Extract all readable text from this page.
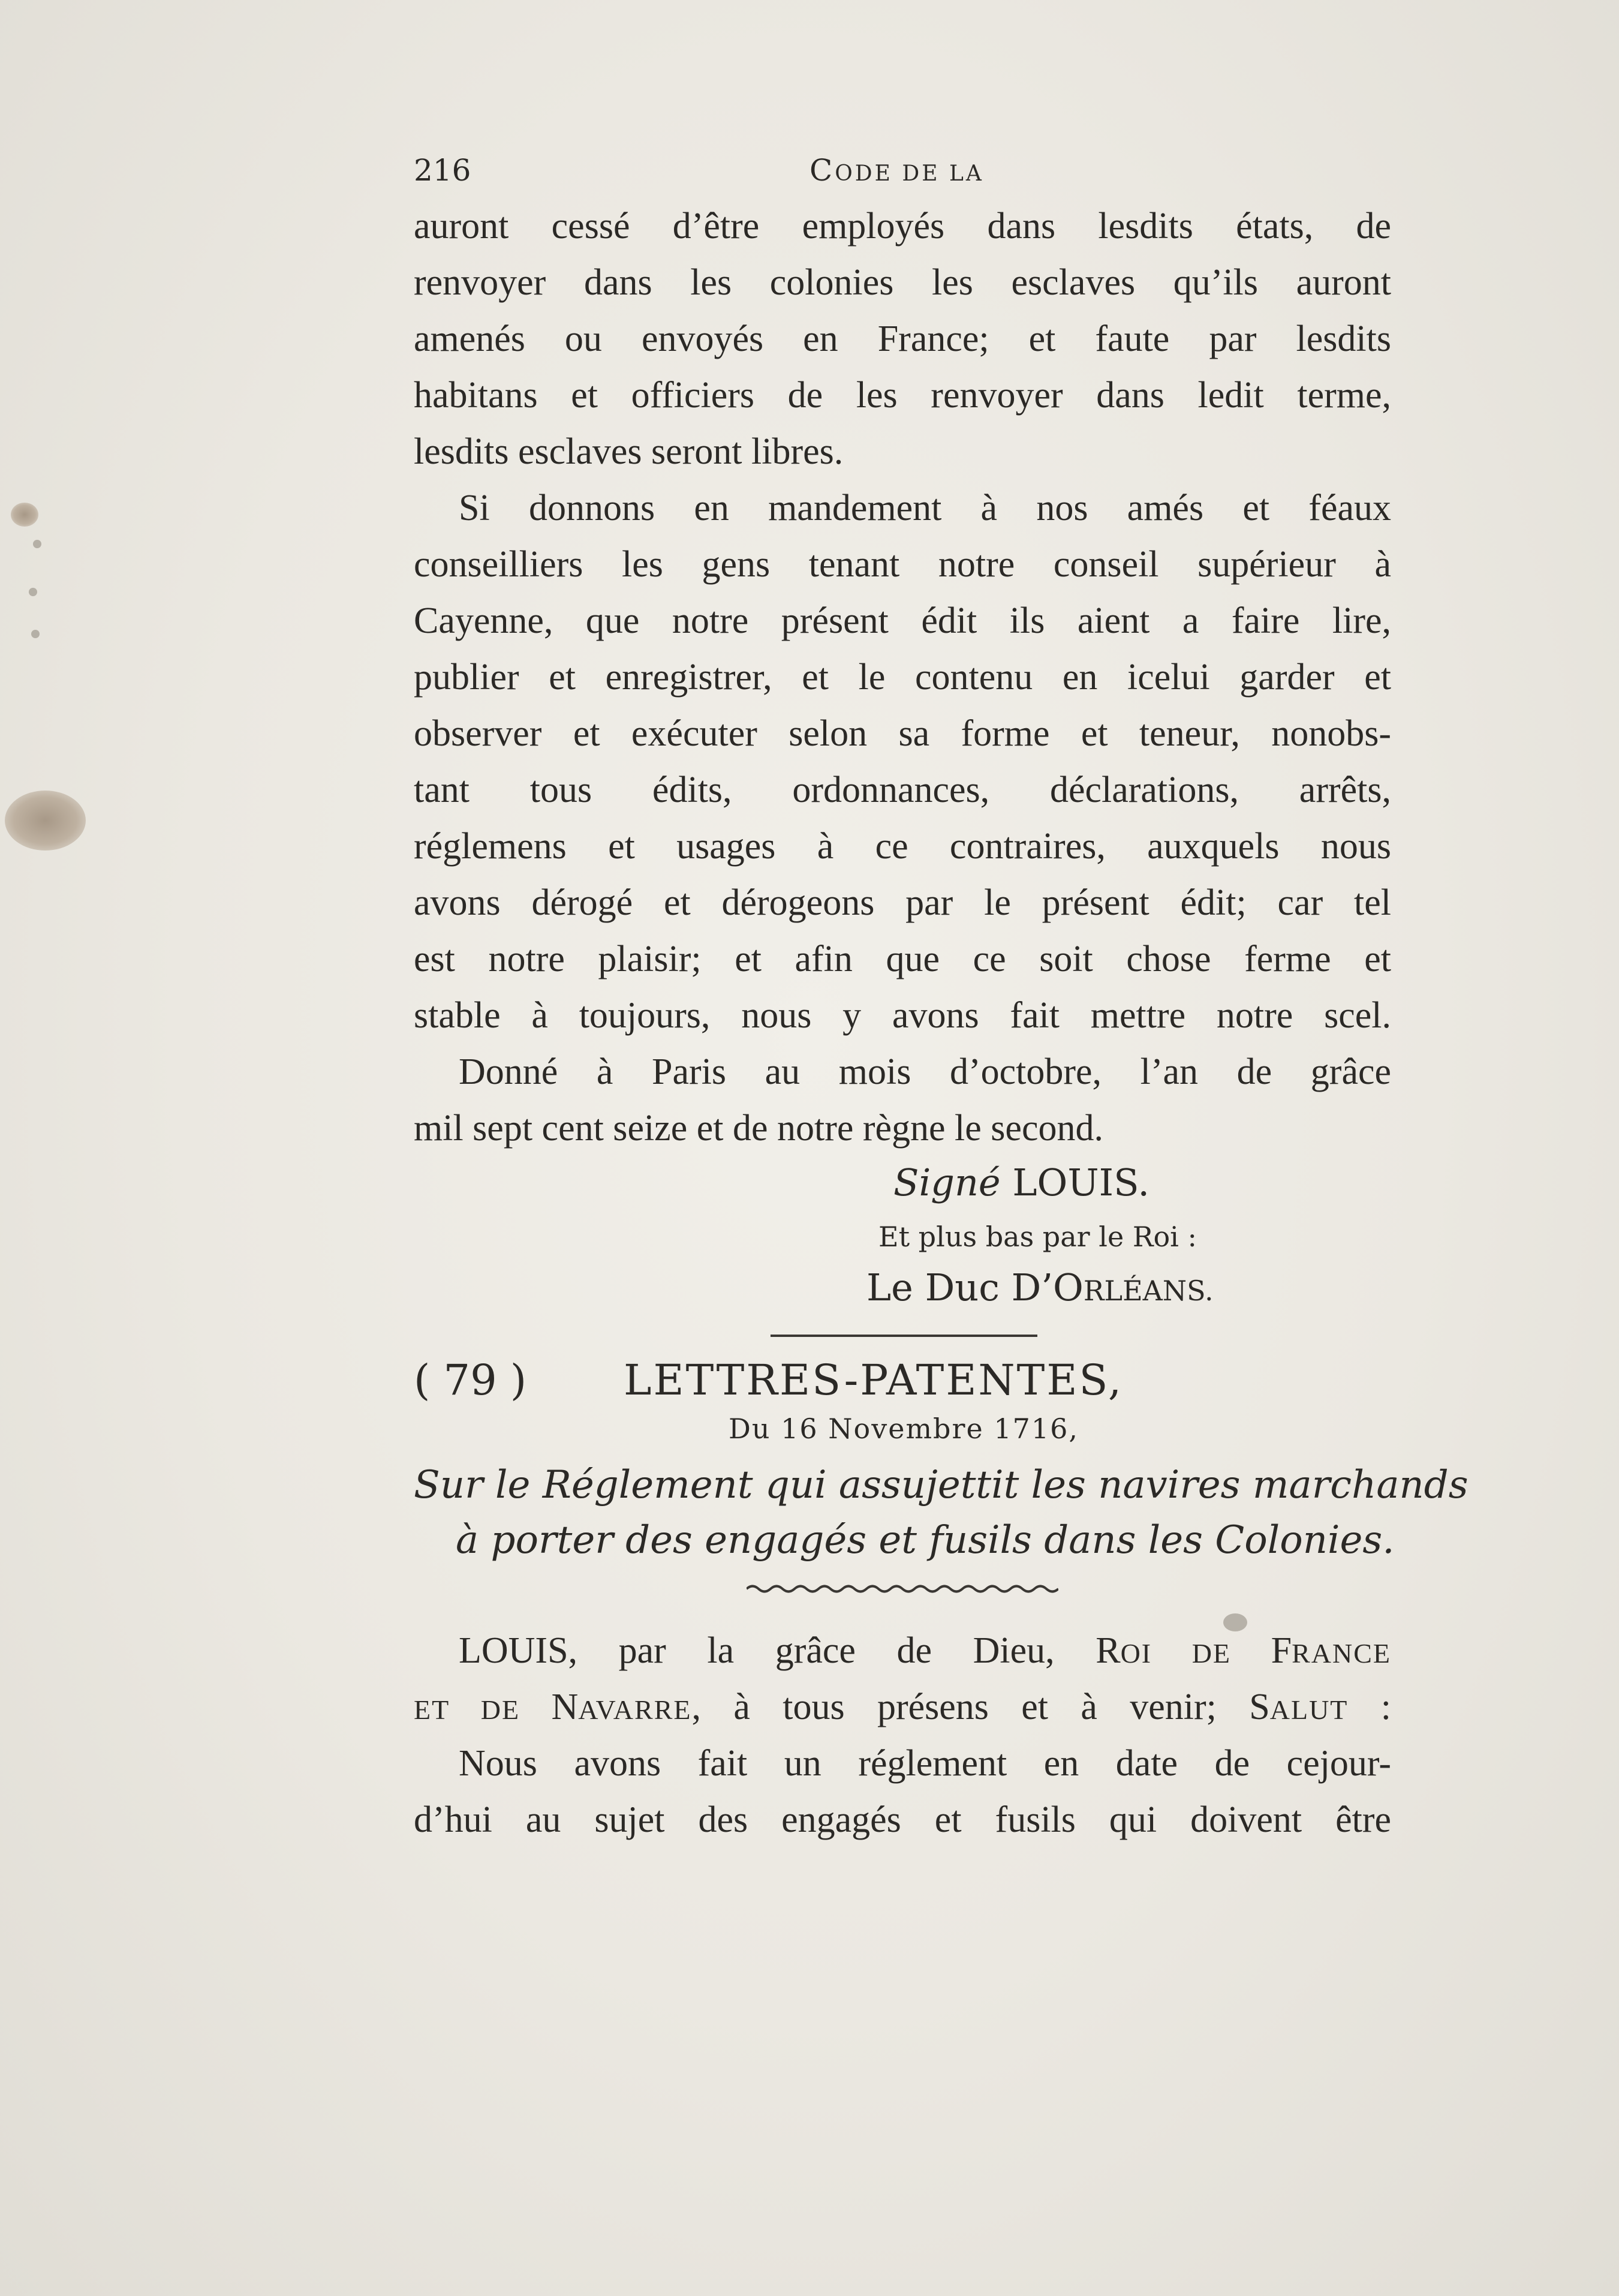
216	CODE DE LA
auront cessé d’être employés dans lesdits états, de
renvoyer dans les colonies les esclaves qu’ils auront
amenés ou envoyés en France; et faute par lesdits
habitans et officiers de les renvoyer dans ledit terme,
lesdits esclaves seront libres.
Si donnons en mandement à nos amés et féaux
conseilliers les gens tenant notre conseil supérieur à
Cayenne, que notre présent édit ils aient a faire lire,
publier et enregistrer, et le contenu en icelui garder et
observer et exécuter selon sa forme et teneur, nonobs-
tant tous édits, ordonnances, déclarations, arrêts,
réglemens et usages à ce contraires, auxquels nous
avons dérogé et dérogeons par le présent édit; car tel
est notre plaisir; et afin que ce soit chose ferme et
stable à toujours, nous y avons fait mettre notre scel.
Donné à Paris au mois d’octobre, l’an de grâce
mil sept cent seize et de notre règne le second.
Signé LOUIS.
Et plus bas par le Roi :
Le Duc D’ORLÉANS.
( 79 ) LETTRES-PATENTES,
Du 16 Novembre 1716,
Sur le Réglement qui assujettit les navires marchands
à porter des engagés et fusils dans les Colonies.
LOUIS, par la grâce de Dieu, ROI DE FRANCE
ET DE NAVARRE, à tous présens et à venir; SALUT :
Nous avons fait un réglement en date de cejour-
d’hui au sujet des engagés et fusils qui doivent être
